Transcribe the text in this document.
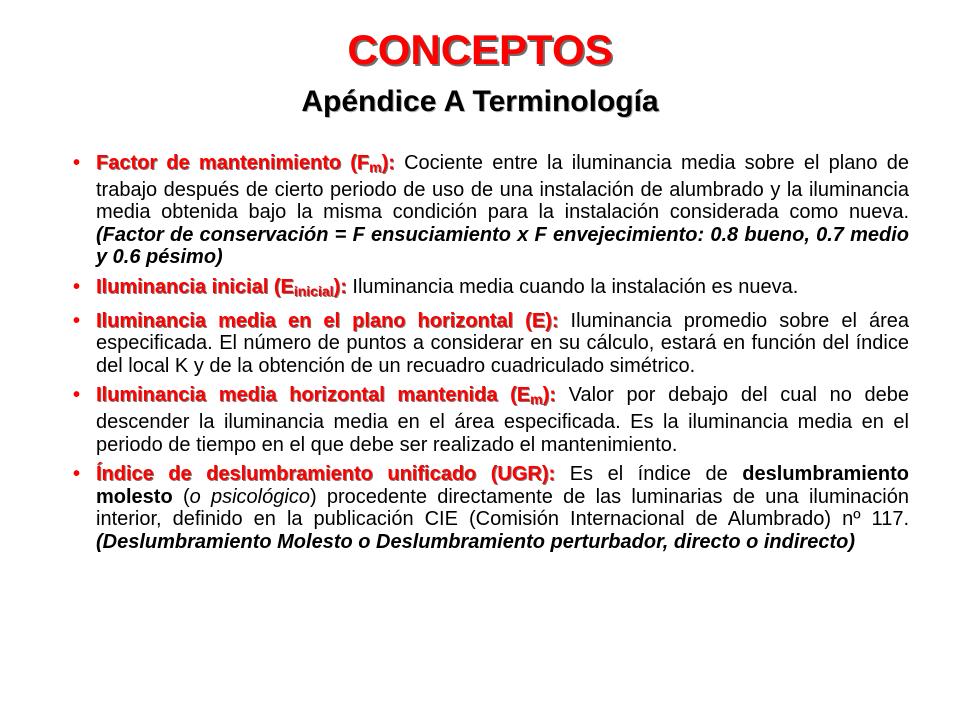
CONCEPTOS
Apéndice A Terminología
• Factor de mantenimiento $(F_m)$: Cociente entre la iluminancia media sobre el plano de trabajo después de cierto periodo de uso de una instalación de alumbrado y la iluminancia media obtenida bajo la misma condición para la instalación considerada como nueva. (Factor de conservación = F ensuciamiento x F envejecimiento: 0.8 bueno, 0.7 medio y 0.6 pésimo)
• Iluminancia inicial $(E_{inicial})$: Iluminancia media cuando la instalación es nueva.
• Iluminancia media en el plano horizontal (E): Iluminancia promedio sobre el área especificada. El número de puntos a considerar en su cálculo, estará en función del índice del local K y de la obtención de un recuadro cuadriculado simétrico.
• Iluminancia media horizontal mantenida $(E_m)$: Valor por debajo del cual no debe descender la iluminancia media en el área especificada. Es la iluminancia media en el periodo de tiempo en el que debe ser realizado el mantenimiento.
• Índice de deslumbramiento unificado (UGR): Es el índice de deslumbramiento molesto (o psicológico) procedente directamente de las luminarias de una iluminación interior, definido en la publicación CIE (Comisión Internacional de Alumbrado) nº 117. (Deslumbramiento Molesto o Deslumbramiento perturbador, directo o indirecto)
